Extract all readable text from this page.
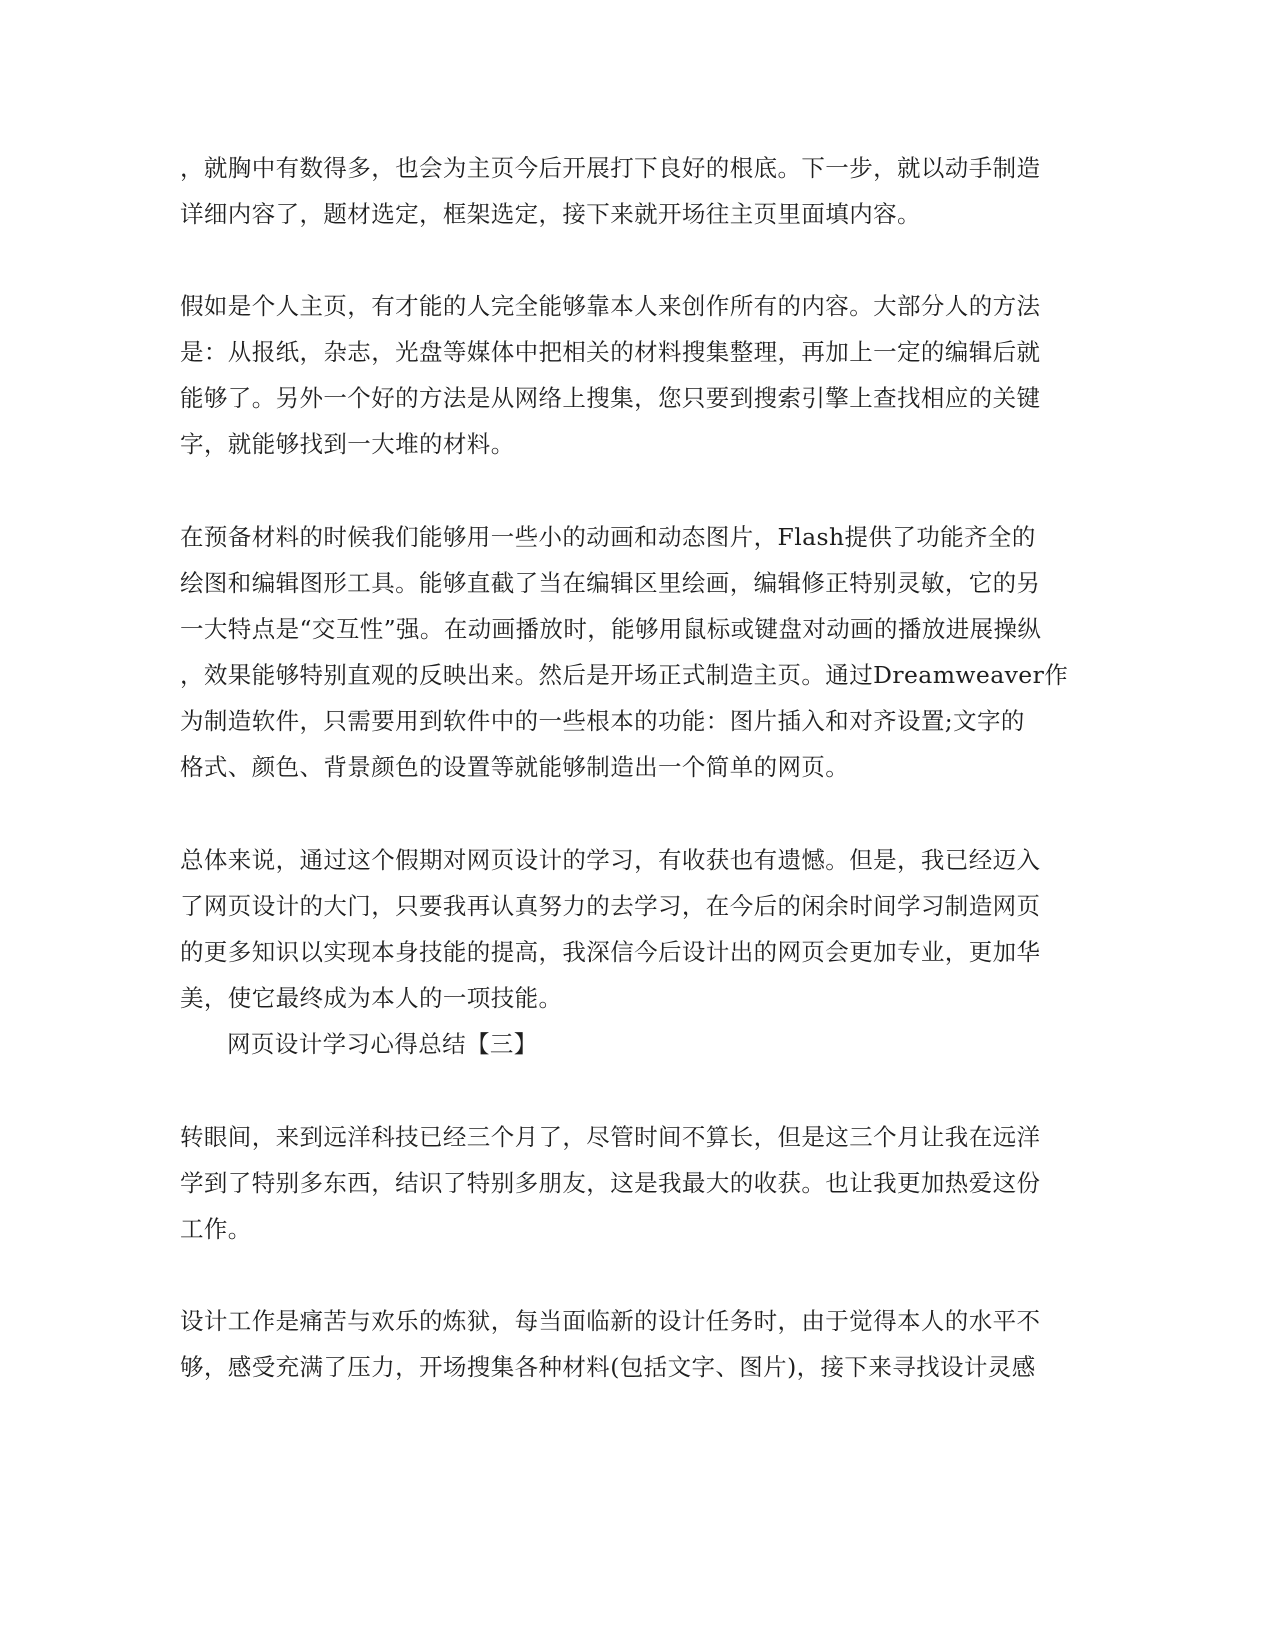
，就胸中有数得多，也会为主页今后开展打下良好的根底。下一步，就以动手制造
详细内容了，题材选定，框架选定，接下来就开场往主页里面填内容。
假如是个人主页，有才能的人完全能够靠本人来创作所有的内容。大部分人的方法
是：从报纸，杂志，光盘等媒体中把相关的材料搜集整理，再加上一定的编辑后就
能够了。另外一个好的方法是从网络上搜集，您只要到搜索引擎上查找相应的关键
字，就能够找到一大堆的材料。
在预备材料的时候我们能够用一些小的动画和动态图片，Flash提供了功能齐全的
绘图和编辑图形工具。能够直截了当在编辑区里绘画，编辑修正特别灵敏，它的另
一大特点是“交互性”强。在动画播放时，能够用鼠标或键盘对动画的播放进展操纵
，效果能够特别直观的反映出来。然后是开场正式制造主页。通过Dreamweaver作
为制造软件，只需要用到软件中的一些根本的功能：图片插入和对齐设置;文字的
格式、颜色、背景颜色的设置等就能够制造出一个简单的网页。
总体来说，通过这个假期对网页设计的学习，有收获也有遗憾。但是，我已经迈入
了网页设计的大门，只要我再认真努力的去学习，在今后的闲余时间学习制造网页
的更多知识以实现本身技能的提高，我深信今后设计出的网页会更加专业，更加华
美，使它最终成为本人的一项技能。
网页设计学习心得总结【三】
转眼间，来到远洋科技已经三个月了，尽管时间不算长，但是这三个月让我在远洋
学到了特别多东西，结识了特别多朋友，这是我最大的收获。也让我更加热爱这份
工作。
设计工作是痛苦与欢乐的炼狱，每当面临新的设计任务时，由于觉得本人的水平不
够，感受充满了压力，开场搜集各种材料(包括文字、图片)，接下来寻找设计灵感
